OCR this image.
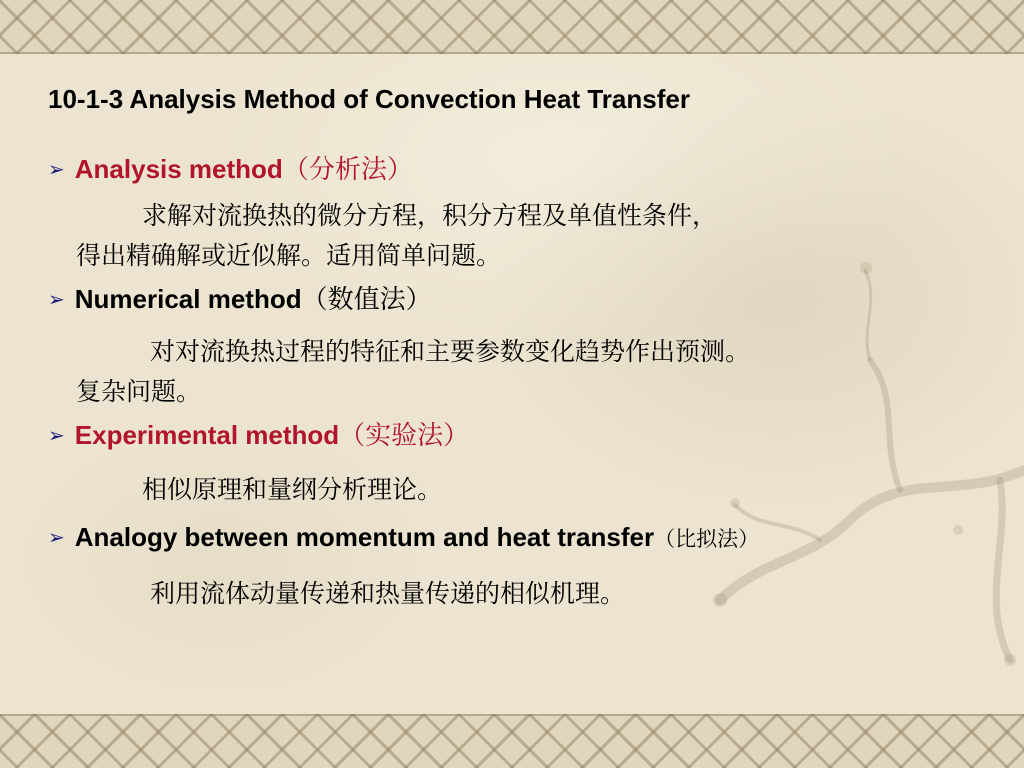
10-1-3 Analysis Method of Convection Heat Transfer
➢ Analysis method（分析法）
求解对流换热的微分方程，积分方程及单值性条件，
得出精确解或近似解。适用简单问题。
➢ Numerical method（数值法）
对对流换热过程的特征和主要参数变化趋势作出预测。
复杂问题。
➢ Experimental method（实验法）
相似原理和量纲分析理论。
➢ Analogy between momentum and heat transfer（比拟法）
利用流体动量传递和热量传递的相似机理。
